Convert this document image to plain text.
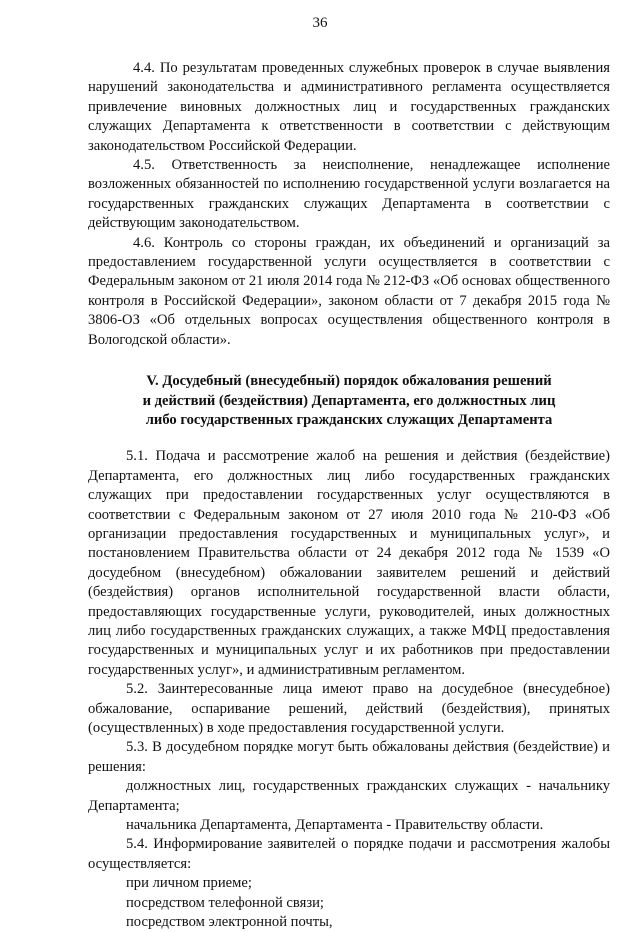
36

4.4. По результатам проведенных служебных проверок в случае выявления нарушений законодательства и административного регламента осуществляется привлечение виновных должностных лиц и государственных гражданских служащих Департамента к ответственности в соответствии с действующим законодательством Российской Федерации.

4.5. Ответственность за неисполнение, ненадлежащее исполнение возложенных обязанностей по исполнению государственной услуги возлагается на государственных гражданских служащих Департамента в соответствии с действующим законодательством.

4.6. Контроль со стороны граждан, их объединений и организаций за предоставлением государственной услуги осуществляется в соответствии с Федеральным законом от 21 июля 2014 года № 212-ФЗ «Об основах общественного контроля в Российской Федерации», законом области от 7 декабря 2015 года № 3806-ОЗ «Об отдельных вопросах осуществления общественного контроля в Вологодской области».

V. Досудебный (внесудебный) порядок обжалования решений
и действий (бездействия) Департамента, его должностных лиц
либо государственных гражданских служащих Департамента

5.1. Подача и рассмотрение жалоб на решения и действия (бездействие) Департамента, его должностных лиц либо государственных гражданских служащих при предоставлении государственных услуг осуществляются в соответствии с Федеральным законом от 27 июля 2010 года № 210-ФЗ «Об организации предоставления государственных и муниципальных услуг», и постановлением Правительства области от 24 декабря 2012 года № 1539 «О досудебном (внесудебном) обжаловании заявителем решений и действий (бездействия) органов исполнительной государственной власти области, предоставляющих государственные услуги, руководителей, иных должностных лиц либо государственных гражданских служащих, а также МФЦ предоставления государственных и муниципальных услуг и их работников при предоставлении государственных услуг», и административным регламентом.

5.2. Заинтересованные лица имеют право на досудебное (внесудебное) обжалование, оспаривание решений, действий (бездействия), принятых (осуществленных) в ходе предоставления государственной услуги.

5.3. В досудебном порядке могут быть обжалованы действия (бездействие) и решения:

должностных лиц, государственных гражданских служащих - начальнику Департамента;

начальника Департамента, Департамента - Правительству области.

5.4. Информирование заявителей о порядке подачи и рассмотрения жалобы осуществляется:

при личном приеме;

посредством телефонной связи;

посредством электронной почты,
